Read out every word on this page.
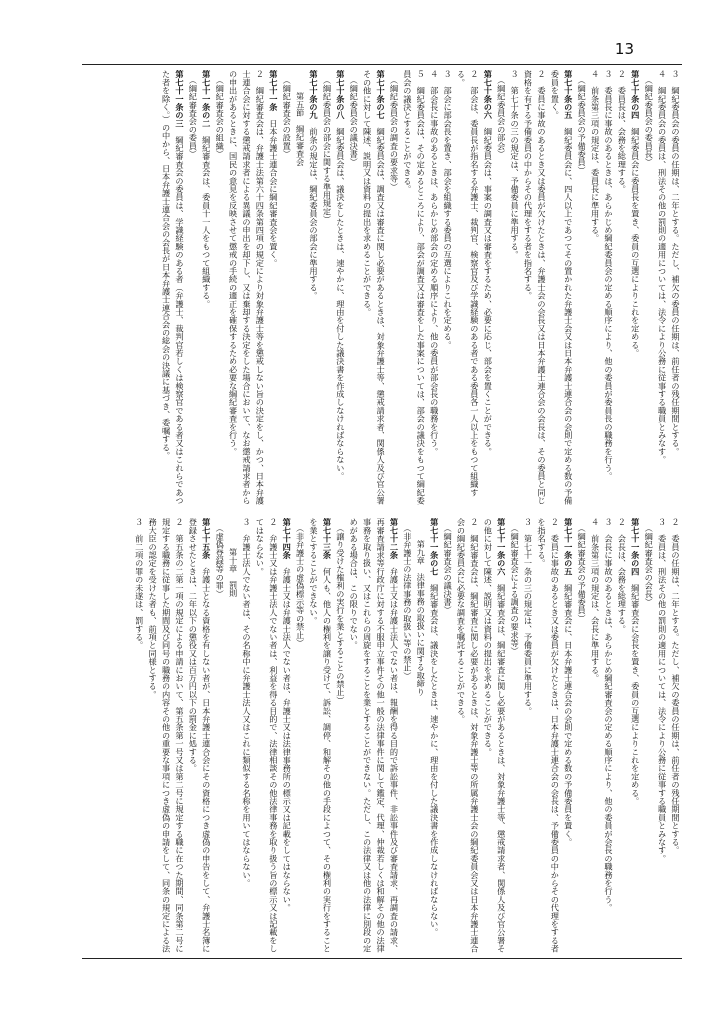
13

３　綱紀委員会の委員の任期は、二年とする。ただし、補欠の委員の任期は、前任者の残任期間とする。

４　綱紀委員会の委員は、刑法その他の罰則の適用については、法令により公務に従事する職員とみなす。

（綱紀委員会の委員長）

第七十条の四　綱紀委員会に委員長を置き、委員の互選によりこれを定める。

２　委員長は、会務を総理する。

３　委員長に事故のあるときは、あらかじめ綱紀委員会の定める順序により、他の委員が委員長の職務を行う。

４　前条第三項の規定は、委員長に準用する。

（綱紀委員会の予備委員）

第七十条の五　綱紀委員会に、四人以上であつてその置かれた弁護士会又は日本弁護士連合会の会則で定める数の予備委員を置く。

２　委員に事故のあるとき又は委員が欠けたときは、弁護士会の会長又は日本弁護士連合会の会長は、その委員と同じ資格を有する予備委員の中からその代理をする者を指名する。

３　第七十条の三の規定は、予備委員に準用する。

（綱紀委員会の部会）

第七十条の六　綱紀委員会は、事案の調査又は審査をするため、必要に応じ、部会を置くことができる。

２　部会は、委員長が指名する弁護士、裁判官、検察官及び学識経験のある者である委員各一人以上をもつて組織する。

３　部会に部会長を置き、部会を組織する委員の互選によりこれを定める。

４　部会長に事故のあるときは、あらかじめ部会の定める順序により、他の委員が部会長の職務を行う。

５　綱紀委員会は、その定めるところにより、部会が調査又は審査をした事案については、部会の議決をもつて綱紀委員会の議決とすることができる。

（綱紀委員会の調査の要求等）

第七十条の七　綱紀委員会は、調査又は審査に関し必要があるときは、対象弁護士等、懲戒請求者、関係人及び官公署その他に対して陳述、説明又は資料の提出を求めることができる。

（綱紀委員会の議決書）

第七十条の八　綱紀委員会は、議決をしたときは、速やかに、理由を付した議決書を作成しなければならない。

（綱紀委員会の部会に関する準用規定）

第七十条の九　前条の規定は、綱紀委員会の部会に準用する。

第五節　綱紀審査会

（綱紀審査会の設置）

第七十一条　日本弁護士連合会に綱紀審査会を置く。

２　綱紀審査会は、弁護士法第六十四条第四項の規定により対象弁護士等を懲戒しない旨の決定をし、かつ、日本弁護士連合会に対する懲戒請求者による異議の申出を却下し、又は棄却する決定をした場合において、なお懲戒請求者からの申出があるときに、国民の意見を反映させて懲戒の手続の適正を確保するため必要な綱紀審査を行う。

（綱紀審査会の組織）

第七十一条の二　綱紀審査会は、委員十一人をもつて組織する。

（綱紀審査会の委員）

第七十一条の三　綱紀審査会の委員は、学識経験のある者（弁護士、裁判官若しくは検察官である者又はこれらであつた者を除く。）の中から、日本弁護士連合会の会長が日本弁護士連合会の総会の決議に基づき、委嘱する。

２　委員の任期は、二年とする。ただし、補欠の委員の任期は、前任者の残任期間とする。

３　委員は、刑法その他の罰則の適用については、法令により公務に従事する職員とみなす。

（綱紀審査会の会長）

第七十一条の四　綱紀審査会に会長を置き、委員の互選によりこれを定める。

２　会長は、会務を総理する。

３　会長に事故のあるときは、あらかじめ綱紀審査会の定める順序により、他の委員が会長の職務を行う。

４　前条第三項の規定は、会長に準用する。

（綱紀審査会の予備委員）

第七十一条の五　綱紀審査会に、日本弁護士連合会の会則で定める数の予備委員を置く。

２　委員に事故のあるとき又は委員が欠けたときは、日本弁護士連合会の会長は、予備委員の中からその代理をする者を指名する。

３　第七十一条の三の規定は、予備委員に準用する。

（綱紀審査会による調査の要求等）

第七十一条の六　綱紀審査会は、綱紀審査に関し必要があるときは、対象弁護士等、懲戒請求者、関係人及び官公署その他に対して陳述、説明又は資料の提出を求めることができる。

２　綱紀審査会は、綱紀審査に関し必要があるときは、対象弁護士等の所属弁護士会の綱紀委員会又は日本弁護士連合会の綱紀委員会に必要な調査を嘱託することができる。

（綱紀審査会の議決書）

第七十一条の七　綱紀審査会は、議決をしたときは、速やかに、理由を付した議決書を作成しなければならない。

第九章　法律事務の取扱いに関する取締り

（非弁護士の法律事務の取扱い等の禁止）

第七十二条　弁護士又は弁護士法人でない者は、報酬を得る目的で訴訟事件、非訟事件及び審査請求、再調査の請求、再審査請求等行政庁に対する不服申立事件その他一般の法律事件に関して鑑定、代理、仲裁若しくは和解その他の法律事務を取り扱い、又はこれらの周旋をすることを業とすることができない。ただし、この法律又は他の法律に別段の定めがある場合は、この限りでない。

（譲り受けた権利の実行を業とすることの禁止）

第七十三条　何人も、他人の権利を譲り受けて、訴訟、調停、和解その他の手段によつて、その権利の実行をすることを業とすることができない。

（非弁護士の虚偽標示等の禁止）

第七十四条　弁護士又は弁護士法人でない者は、弁護士又は法律事務所の標示又は記載をしてはならない。

２　弁護士又は弁護士法人でない者は、利益を得る目的で、法律相談その他法律事務を取り扱う旨の標示又は記載をしてはならない。

３　弁護士法人でない者は、その名称中に弁護士法人又はこれに類似する名称を用いてはならない。

第十章　罰則

（虚偽登録等の罪）

第七十五条　弁護士となる資格を有しない者が、日本弁護士連合会にその資格につき虚偽の申告をして、弁護士名簿に登録させたときは、二年以下の懲役又は百万円以下の罰金に処する。

２　第五条の二第一項の規定による申請において、第五条第一号又は第二号に規定する職に在つた期間、同条第二号に規定する職務に従事した期間及び同号の職務の内容その他の重要な事項につき虚偽の申請をして、同条の規定による法務大臣の認定を受けた者も、前項と同様とする。

３　前二項の罪の未遂は、罰する。
